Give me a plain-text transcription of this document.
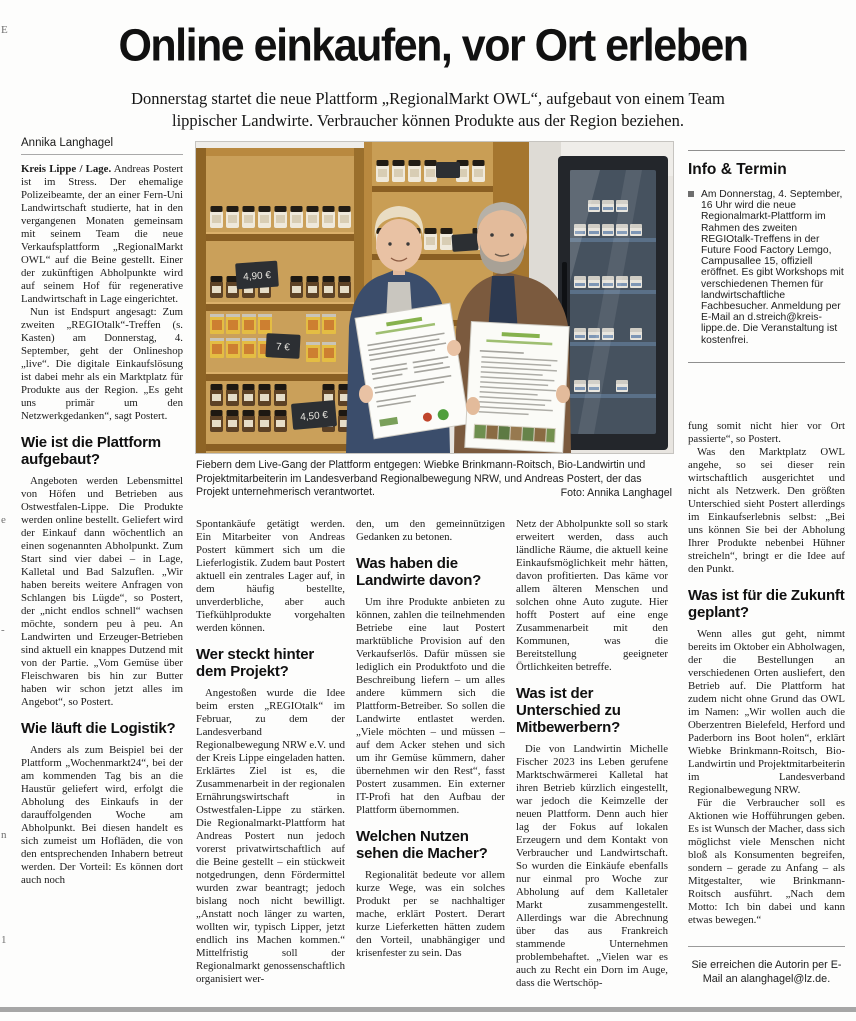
E
e
-
n
1
Online einkaufen, vor Ort erleben

Donnerstag startet die neue Plattform „RegionalMarkt OWL“, aufgebaut von einem Team lippischer Landwirte. Verbraucher können Produkte aus der Region beziehen.

Annika Langhagel

Kreis Lippe / Lage. Andreas Postert ist im Stress. Der ehemalige Polizeibeamte, der an einer Fern-Uni Landwirtschaft studierte, hat in den vergangenen Monaten gemeinsam mit seinem Team die neue Verkaufsplattform „RegionalMarkt OWL“ auf die Beine gestellt. Einer der zukünftigen Abholpunkte wird auf seinem Hof für regenerative Landwirtschaft in Lage eingerichtet.

Nun ist Endspurt angesagt: Zum zweiten „REGIOtalk“-Treffen (s. Kasten) am Donnerstag, 4. September, geht der Onlineshop „live“. Die digitale Einkaufslösung ist dabei mehr als ein Marktplatz für Produkte aus der Region. „Es geht uns primär um den Netzwerkgedanken“, sagt Postert.

Wie ist die Plattform aufgebaut?

Angeboten werden Lebensmittel von Höfen und Betrieben aus Ostwestfalen-Lippe. Die Produkte werden online bestellt. Geliefert wird der Einkauf dann wöchentlich an einen sogenannten Abholpunkt. Zum Start sind vier dabei – in Lage, Kalletal und Bad Salzuflen. „Wir haben bereits weitere Anfragen von Schlangen bis Lügde“, so Postert, der „nicht endlos schnell“ wachsen möchte, sondern peu à peu. An Landwirten und Erzeuger-Betrieben sind aktuell ein knappes Dutzend mit von der Partie. „Vom Gemüse über Fleischwaren bis hin zur Butter haben wir schon jetzt alles im Angebot“, so Postert.

Wie läuft die Logistik?

Anders als zum Beispiel bei der Plattform „Wochenmarkt24“, bei der am kommenden Tag bis an die Haustür geliefert wird, erfolgt die Abholung des Einkaufs in der darauffolgenden Woche am Abholpunkt. Bei diesen handelt es sich zumeist um Hofläden, die von den entsprechenden Inhabern betreut werden. Der Vorteil: Es können dort auch noch

4,90 €
7 €
4,50 €
Fiebern dem Live-Gang der Plattform entgegen: Wiebke Brinkmann-Roitsch, Bio-Landwirtin und Projektmitarbeiterin im Landesverband Regionalbewegung NRW, und Andreas Postert, der das Projekt unternehmerisch verantwortet.	Foto: Annika Langhagel

Spontankäufe getätigt werden. Ein Mitarbeiter von Andreas Postert kümmert sich um die Lieferlogistik. Zudem baut Postert aktuell ein zentrales Lager auf, in dem häufig bestellte, unverderbliche, aber auch Tiefkühlprodukte vorgehalten werden können.

Wer steckt hinter dem Projekt?

Angestoßen wurde die Idee beim ersten „REGIOtalk“ im Februar, zu dem der Landesverband Regionalbewegung NRW e.V. und der Kreis Lippe eingeladen hatten. Erklärtes Ziel ist es, die Zusammenarbeit in der regionalen Ernährungswirtschaft in Ostwestfalen-Lippe zu stärken. Die Regionalmarkt-Plattform hat Andreas Postert nun jedoch vorerst privatwirtschaftlich auf die Beine gestellt – ein stückweit notgedrungen, denn Fördermittel wurden zwar beantragt; jedoch bislang noch nicht bewilligt. „Anstatt noch länger zu warten, wollten wir, typisch Lipper, jetzt endlich ins Machen kommen.“ Mittelfristig soll der Regionalmarkt genossenschaftlich organisiert wer-

den, um den gemeinnützigen Gedanken zu betonen.

Was haben die Landwirte davon?

Um ihre Produkte anbieten zu können, zahlen die teilnehmenden Betriebe eine laut Postert marktübliche Provision auf den Verkaufserlös. Dafür müssen sie lediglich ein Produktfoto und die Beschreibung liefern – um alles andere kümmern sich die Plattform-Betreiber. So sollen die Landwirte entlastet werden. „Viele möchten – und müssen – auf dem Acker stehen und sich um ihr Gemüse kümmern, daher übernehmen wir den Rest“, fasst Postert zusammen. Ein externer IT-Profi hat den Aufbau der Plattform übernommen.

Welchen Nutzen sehen die Macher?

Regionalität bedeute vor allem kurze Wege, was ein solches Produkt per se nachhaltiger mache, erklärt Postert. Derart kurze Lieferketten hätten zudem den Vorteil, unabhängiger und krisenfester zu sein. Das

Netz der Abholpunkte soll so stark erweitert werden, dass auch ländliche Räume, die aktuell keine Einkaufsmöglichkeit mehr hätten, davon profitierten. Das käme vor allem älteren Menschen und solchen ohne Auto zugute. Hier hofft Postert auf eine enge Zusammenarbeit mit den Kommunen, was die Bereitstellung geeigneter Örtlichkeiten betreffe.

Was ist der Unterschied zu Mitbewerbern?

Die von Landwirtin Michelle Fischer 2023 ins Leben gerufene Marktschwärmerei Kalletal hat ihren Betrieb kürzlich eingestellt, war jedoch die Keimzelle der neuen Plattform. Denn auch hier lag der Fokus auf lokalen Erzeugern und dem Kontakt von Verbraucher und Landwirtschaft. So wurden die Einkäufe ebenfalls nur einmal pro Woche zur Abholung auf dem Kalletaler Markt zusammengestellt. Allerdings war die Abrechnung über das aus Frankreich stammende Unternehmen problembehaftet. „Vielen war es auch zu Recht ein Dorn im Auge, dass die Wertschöp-

Info & Termin
Am Donnerstag, 4. September, 16 Uhr wird die neue Regionalmarkt-Plattform im Rahmen des zweiten REGIOtalk-Treffens in der Future Food Factory Lemgo, Campusallee 15, offiziell eröffnet. Es gibt Workshops mit verschiedenen Themen für landwirtschaftliche Fachbesucher. Anmeldung per E-Mail an d.streich@kreis-lippe.de. Die Veranstaltung ist kostenfrei.

fung somit nicht hier vor Ort passierte“, so Postert.

Was den Marktplatz OWL angehe, so sei dieser rein wirtschaftlich ausgerichtet und nicht als Netzwerk. Den größten Unterschied sieht Postert allerdings im Einkaufserlebnis selbst: „Bei uns können Sie bei der Abholung Ihrer Produkte nebenbei Hühner streicheln“, bringt er die Idee auf den Punkt.

Was ist für die Zukunft geplant?

Wenn alles gut geht, nimmt bereits im Oktober ein Abholwagen, der die Bestellungen an verschiedenen Orten ausliefert, den Betrieb auf. Die Plattform hat zudem nicht ohne Grund das OWL im Namen: „Wir wollen auch die Oberzentren Bielefeld, Herford und Paderborn ins Boot holen“, erklärt Wiebke Brinkmann-Roitsch, Bio-Landwirtin und Projektmitarbeiterin im Landesverband Regionalbewegung NRW.

Für die Verbraucher soll es Aktionen wie Hofführungen geben. Es ist Wunsch der Macher, dass sich möglichst viele Menschen nicht bloß als Konsumenten begreifen, sondern – gerade zu Anfang – als Mitgestalter, wie Brinkmann-Roitsch ausführt. „Nach dem Motto: Ich bin dabei und kann etwas bewegen.“

Sie erreichen die Autorin per E-Mail an alanghagel@lz.de.
